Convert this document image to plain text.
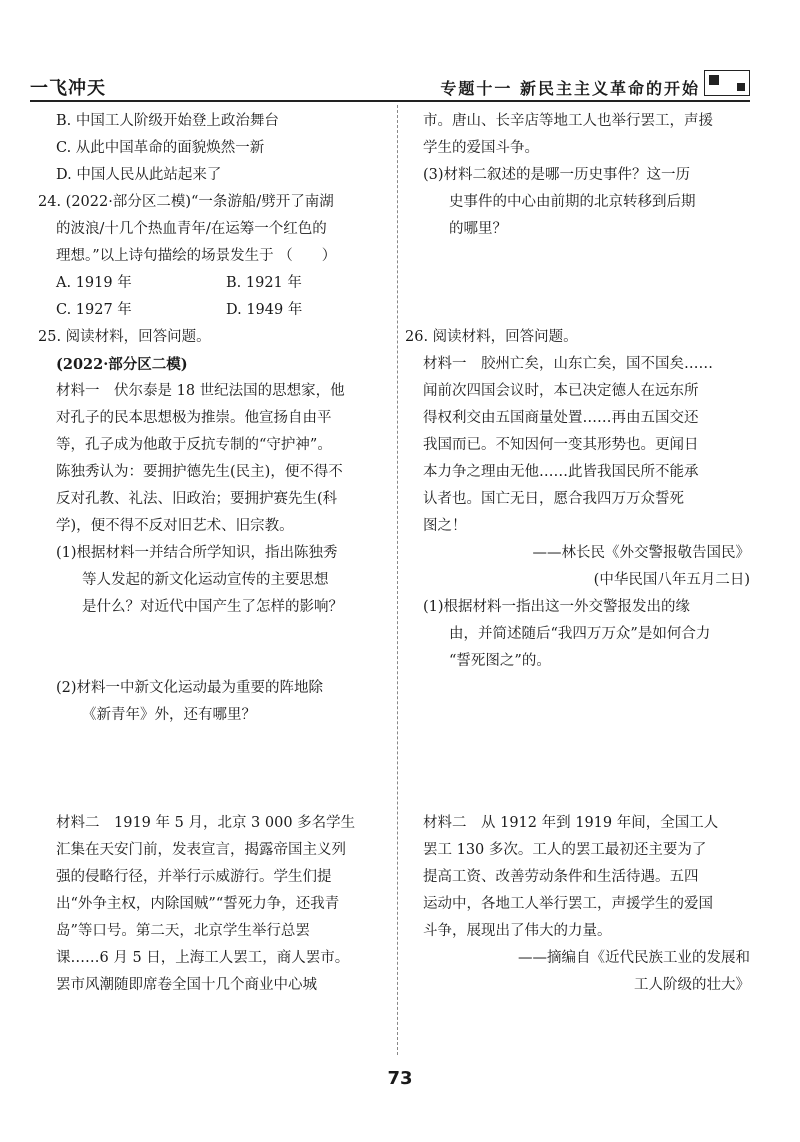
一飞冲天	专题十一 新民主主义革命的开始
B. 中国工人阶级开始登上政治舞台
C. 从此中国革命的面貌焕然一新
D. 中国人民从此站起来了
24. (2022·部分区二模)“一条游船/劈开了南湖
的波浪/十几个热血青年/在运筹一个红色的
理想。”以上诗句描绘的场景发生于 （　　）
A. 1919 年	B. 1921 年
C. 1927 年	D. 1949 年
25. 阅读材料，回答问题。
(2022·部分区二模)
材料一　伏尔泰是 18 世纪法国的思想家，他
对孔子的民本思想极为推崇。他宣扬自由平
等，孔子成为他敢于反抗专制的“守护神”。
陈独秀认为：要拥护德先生(民主)，便不得不
反对孔教、礼法、旧政治；要拥护赛先生(科
学)，便不得不反对旧艺术、旧宗教。
(1)根据材料一并结合所学知识，指出陈独秀
等人发起的新文化运动宣传的主要思想
是什么？对近代中国产生了怎样的影响？
(2)材料一中新文化运动最为重要的阵地除
《新青年》外，还有哪里？
材料二　1919 年 5 月，北京 3 000 多名学生
汇集在天安门前，发表宣言，揭露帝国主义列
强的侵略行径，并举行示威游行。学生们提
出“外争主权，内除国贼”“誓死力争，还我青
岛”等口号。第二天，北京学生举行总罢
课……6 月 5 日，上海工人罢工，商人罢市。
罢市风潮随即席卷全国十几个商业中心城
市。唐山、长辛店等地工人也举行罢工，声援
学生的爱国斗争。
(3)材料二叙述的是哪一历史事件？这一历
史事件的中心由前期的北京转移到后期
的哪里？
26. 阅读材料，回答问题。
材料一　胶州亡矣，山东亡矣，国不国矣……
闻前次四国会议时，本已决定德人在远东所
得权利交由五国商量处置……再由五国交还
我国而已。不知因何一变其形势也。更闻日
本力争之理由无他……此皆我国民所不能承
认者也。国亡无日，愿合我四万万众誓死
图之！
——林长民《外交警报敬告国民》
(中华民国八年五月二日)
(1)根据材料一指出这一外交警报发出的缘
由，并简述随后“我四万万众”是如何合力
“誓死图之”的。
材料二　从 1912 年到 1919 年间，全国工人
罢工 130 多次。工人的罢工最初还主要为了
提高工资、改善劳动条件和生活待遇。五四
运动中，各地工人举行罢工，声援学生的爱国
斗争，展现出了伟大的力量。
——摘编自《近代民族工业的发展和
工人阶级的壮大》
73
